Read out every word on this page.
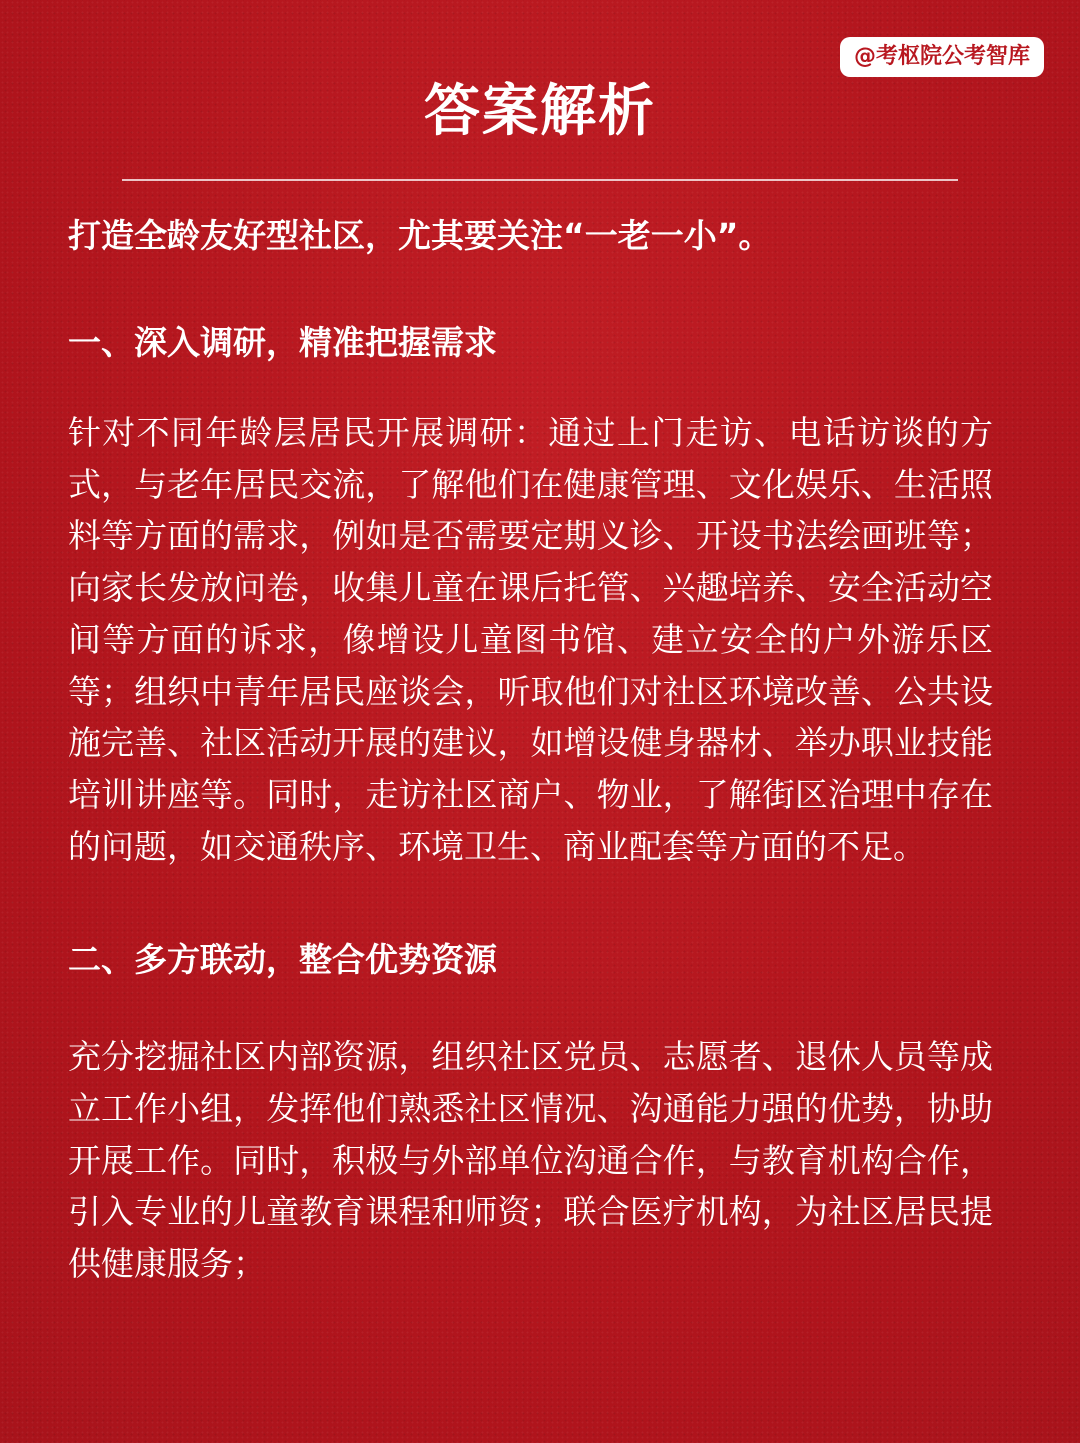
@考枢院公考智库
答案解析

打造全龄友好型社区，尤其要关注“一老一小”。

一、深入调研，精准把握需求

针对不同年龄层居民开展调研：通过上门走访、电话访谈的方式，与老年居民交流，了解他们在健康管理、文化娱乐、生活照料等方面的需求，例如是否需要定期义诊、开设书法绘画班等；向家长发放问卷，收集儿童在课后托管、兴趣培养、安全活动空间等方面的诉求，像增设儿童图书馆、建立安全的户外游乐区等；组织中青年居民座谈会，听取他们对社区环境改善、公共设施完善、社区活动开展的建议，如增设健身器材、举办职业技能培训讲座等。同时，走访社区商户、物业，了解街区治理中存在的问题，如交通秩序、环境卫生、商业配套等方面的不足。

二、多方联动，整合优势资源

充分挖掘社区内部资源，组织社区党员、志愿者、退休人员等成立工作小组，发挥他们熟悉社区情况、沟通能力强的优势，协助开展工作。同时，积极与外部单位沟通合作，与教育机构合作，引入专业的儿童教育课程和师资；联合医疗机构，为社区居民提供健康服务；
